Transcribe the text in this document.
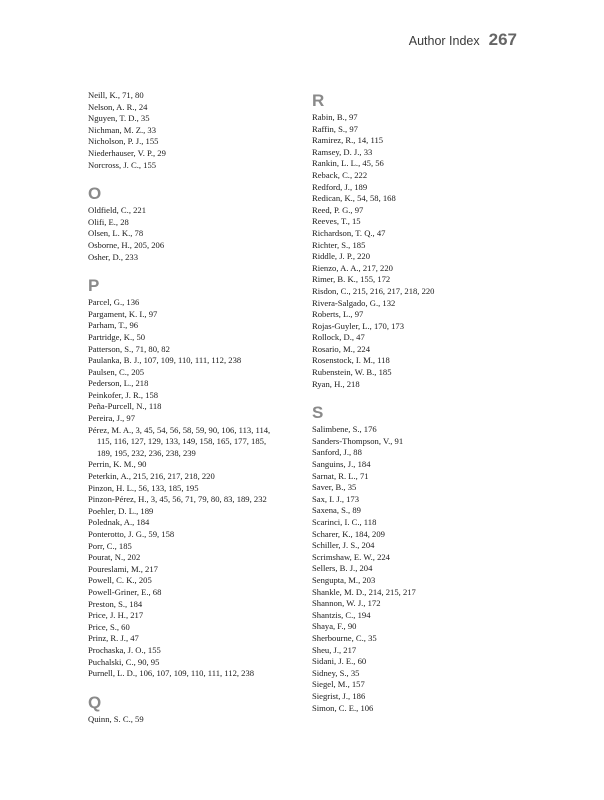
Author Index 267
Neill, K., 71, 80
Nelson, A. R., 24
Nguyen, T. D., 35
Nichman, M. Z., 33
Nicholson, P. J., 155
Niederhauser, V. P., 29
Norcross, J. C., 155
O
Oldfield, C., 221
Olifi, E., 28
Olsen, L. K., 78
Osborne, H., 205, 206
Osher, D., 233
P
Parcel, G., 136
Pargament, K. I., 97
Parham, T., 96
Partridge, K., 50
Patterson, S., 71, 80, 82
Paulanka, B. J., 107, 109, 110, 111, 112, 238
Paulsen, C., 205
Pederson, L., 218
Peinkofer, J. R., 158
Peña-Purcell, N., 118
Pereira, J., 97
Pérez, M. A., 3, 45, 54, 56, 58, 59, 90, 106, 113, 114,
115, 116, 127, 129, 133, 149, 158, 165, 177, 185,
189, 195, 232, 236, 238, 239
Perrin, K. M., 90
Peterkin, A., 215, 216, 217, 218, 220
Pinzon, H. L., 56, 133, 185, 195
Pinzon-Pérez, H., 3, 45, 56, 71, 79, 80, 83, 189, 232
Poehler, D. L., 189
Polednak, A., 184
Ponterotto, J. G., 59, 158
Porr, C., 185
Pourat, N., 202
Poureslami, M., 217
Powell, C. K., 205
Powell-Griner, E., 68
Preston, S., 184
Price, J. H., 217
Price, S., 60
Prinz, R. J., 47
Prochaska, J. O., 155
Puchalski, C., 90, 95
Purnell, L. D., 106, 107, 109, 110, 111, 112, 238
Q
Quinn, S. C., 59
R
Rabin, B., 97
Raffin, S., 97
Ramirez, R., 14, 115
Ramsey, D. J., 33
Rankin, L. L., 45, 56
Reback, C., 222
Redford, J., 189
Redican, K., 54, 58, 168
Reed, P. G., 97
Reeves, T., 15
Richardson, T. Q., 47
Richter, S., 185
Riddle, J. P., 220
Rienzo, A. A., 217, 220
Rimer, B. K., 155, 172
Risdon, C., 215, 216, 217, 218, 220
Rivera-Salgado, G., 132
Roberts, L., 97
Rojas-Guyler, L., 170, 173
Rollock, D., 47
Rosario, M., 224
Rosenstock, I. M., 118
Rubenstein, W. B., 185
Ryan, H., 218
S
Salimbene, S., 176
Sanders-Thompson, V., 91
Sanford, J., 88
Sanguins, J., 184
Sarnat, R. L., 71
Saver, B., 35
Sax, I. J., 173
Saxena, S., 89
Scarinci, I. C., 118
Scharer, K., 184, 209
Schiller, J. S., 204
Scrimshaw, E. W., 224
Sellers, B. J., 204
Sengupta, M., 203
Shankle, M. D., 214, 215, 217
Shannon, W. J., 172
Shantzis, C., 194
Shaya, F., 90
Sherbourne, C., 35
Sheu, J., 217
Sidani, J. E., 60
Sidney, S., 35
Siegel, M., 157
Siegrist, J., 186
Simon, C. E., 106
